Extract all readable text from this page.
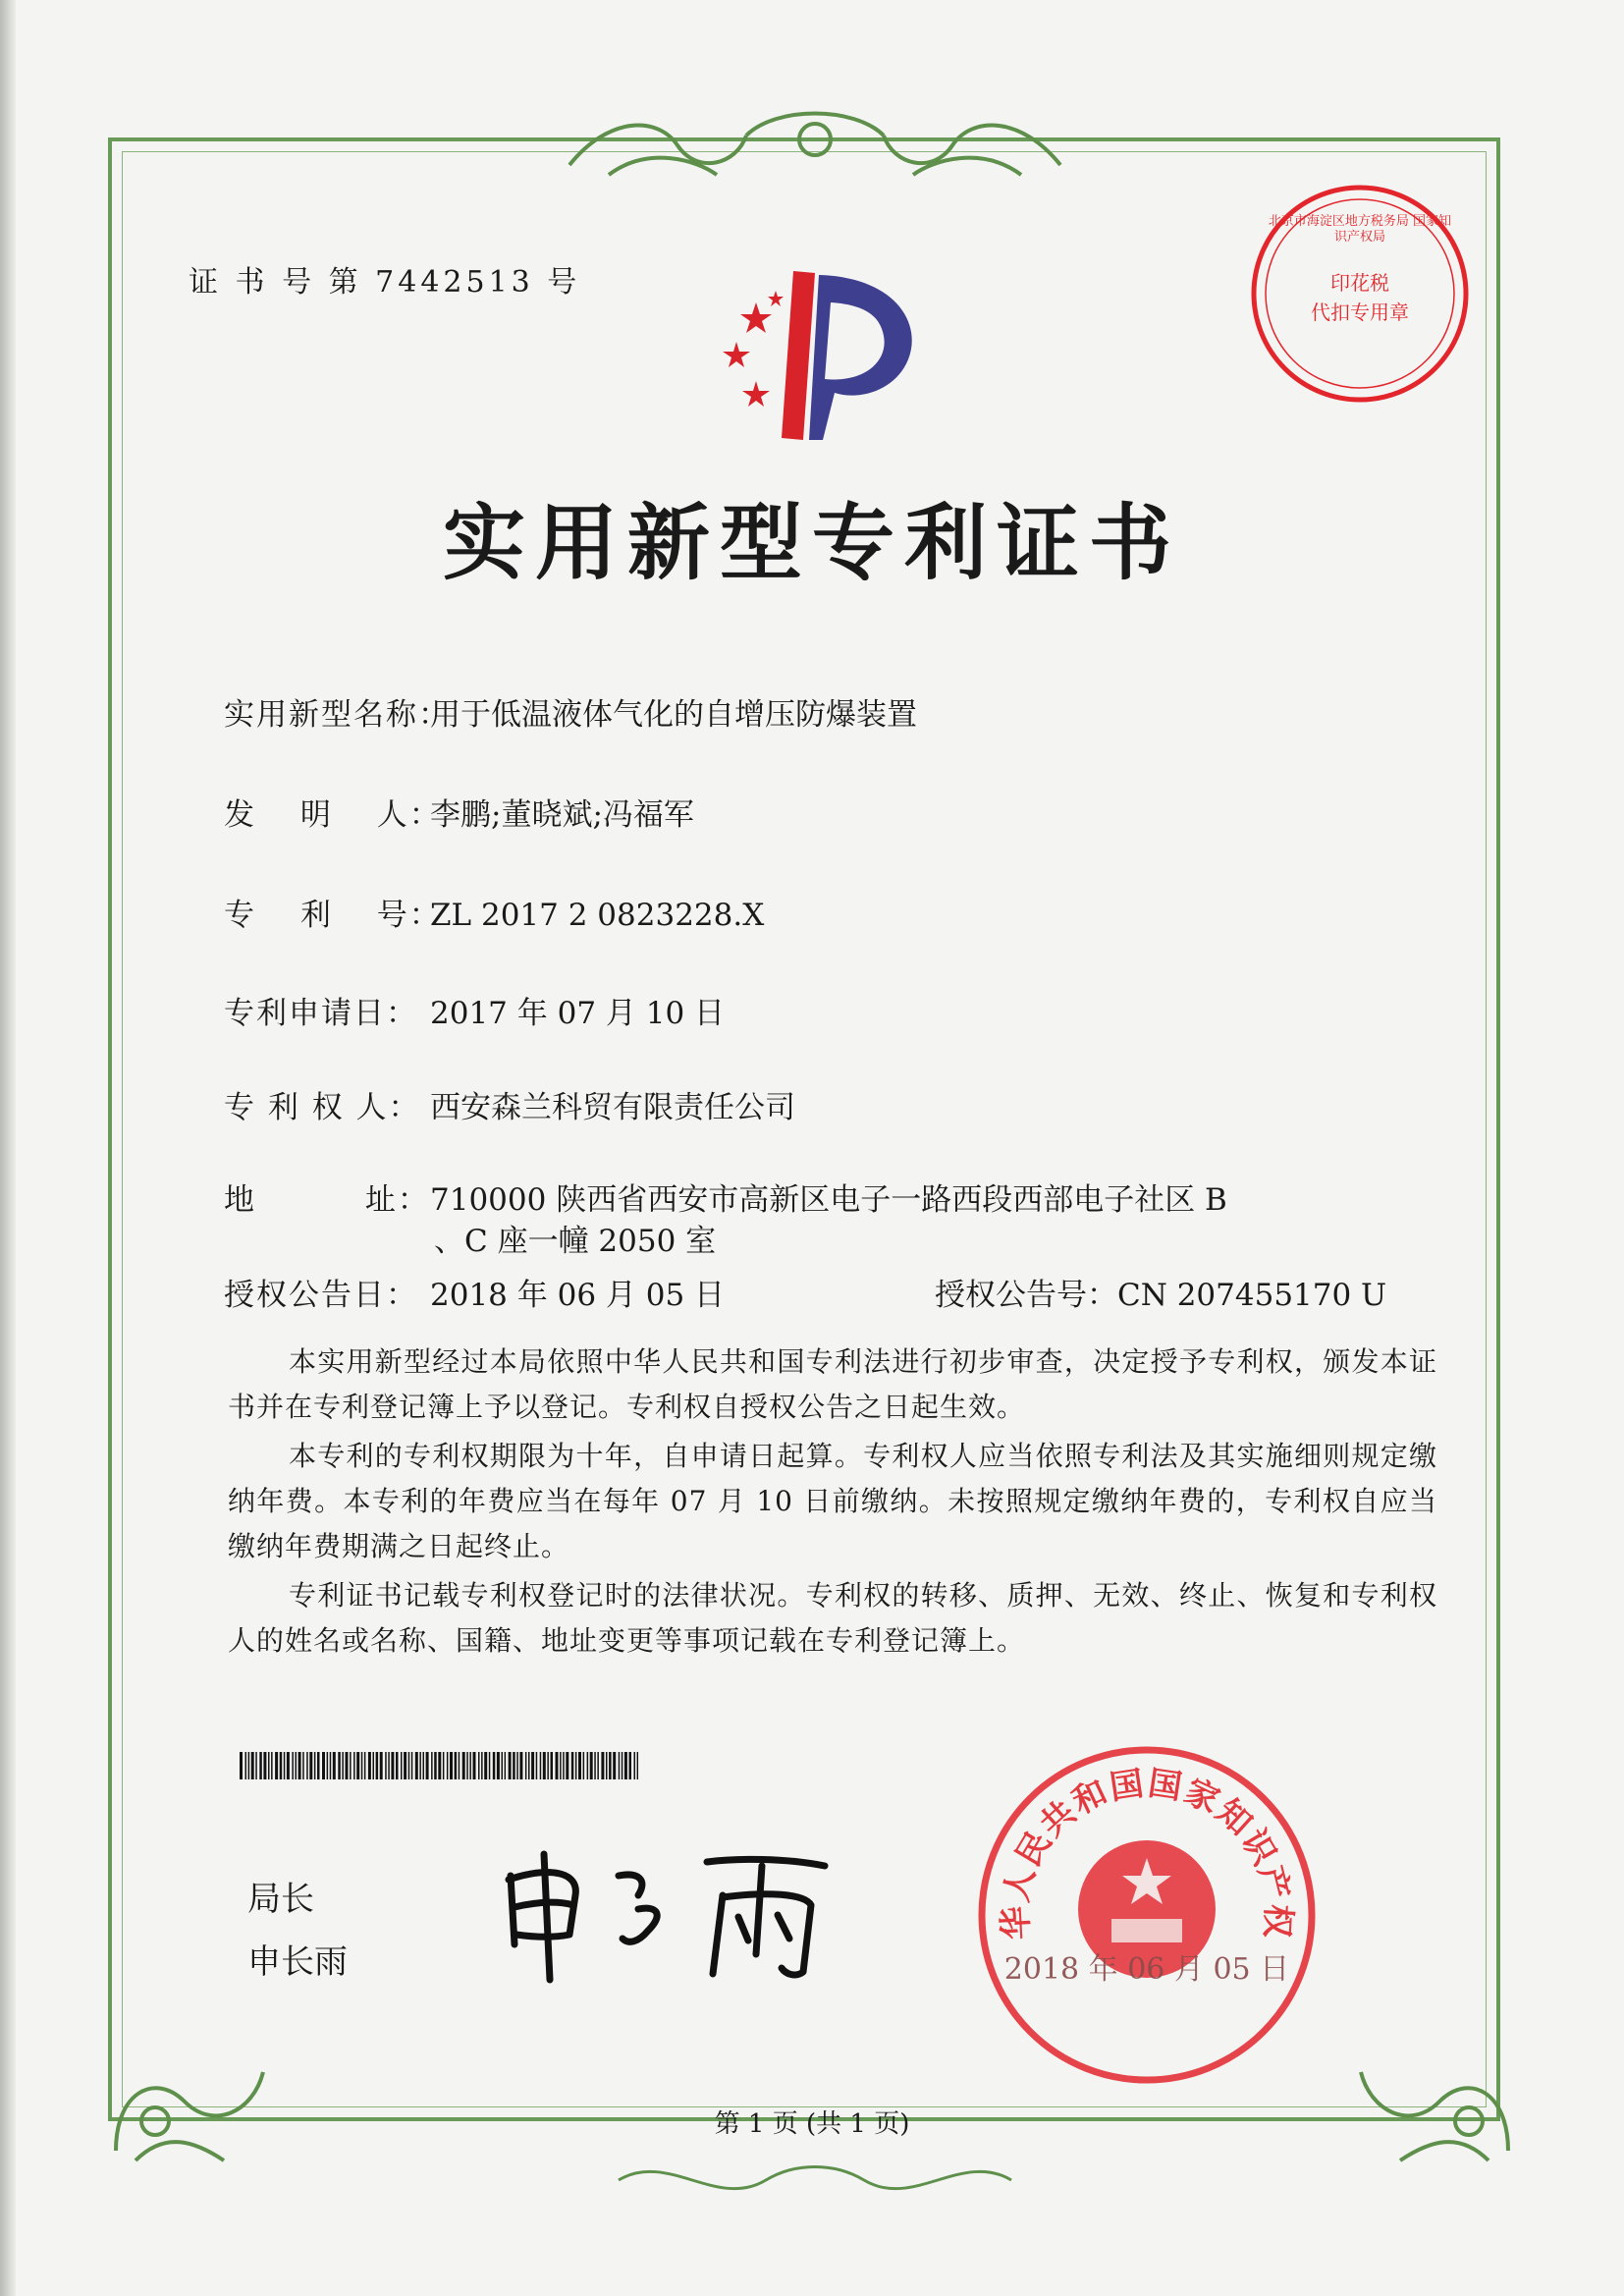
证 书 号 第 7442513 号
北京市海淀区地方税务局 国家知识产权局
印花税
代扣专用章
实用新型专利证书
实用新型名称：用于低温液体气化的自增压防爆装置
发　 明　 人：李鹏;董晓斌;冯福军
专　 利　 号：ZL 2017 2 0823228.X
专利申请日： 2017 年 07 月 10 日
专 利 权 人： 西安森兰科贸有限责任公司
地　　　 址：710000 陕西省西安市高新区电子一路西段西部电子社区 B
、C 座一幢 2050 室
授权公告日： 2018 年 06 月 05 日	授权公告号：CN 207455170 U
本实用新型经过本局依照中华人民共和国专利法进行初步审查，决定授予专利权，颁发本证书并在专利登记簿上予以登记。专利权自授权公告之日起生效。
本专利的专利权期限为十年，自申请日起算。专利权人应当依照专利法及其实施细则规定缴纳年费。本专利的年费应当在每年 07 月 10 日前缴纳。未按照规定缴纳年费的，专利权自应当缴纳年费期满之日起终止。
专利证书记载专利权登记时的法律状况。专利权的转移、质押、无效、终止、恢复和专利权人的姓名或名称、国籍、地址变更等事项记载在专利登记簿上。
局长
申长雨
华人民共和国国家知识产权
2018 年 06 月 05 日
第 1 页 (共 1 页)
